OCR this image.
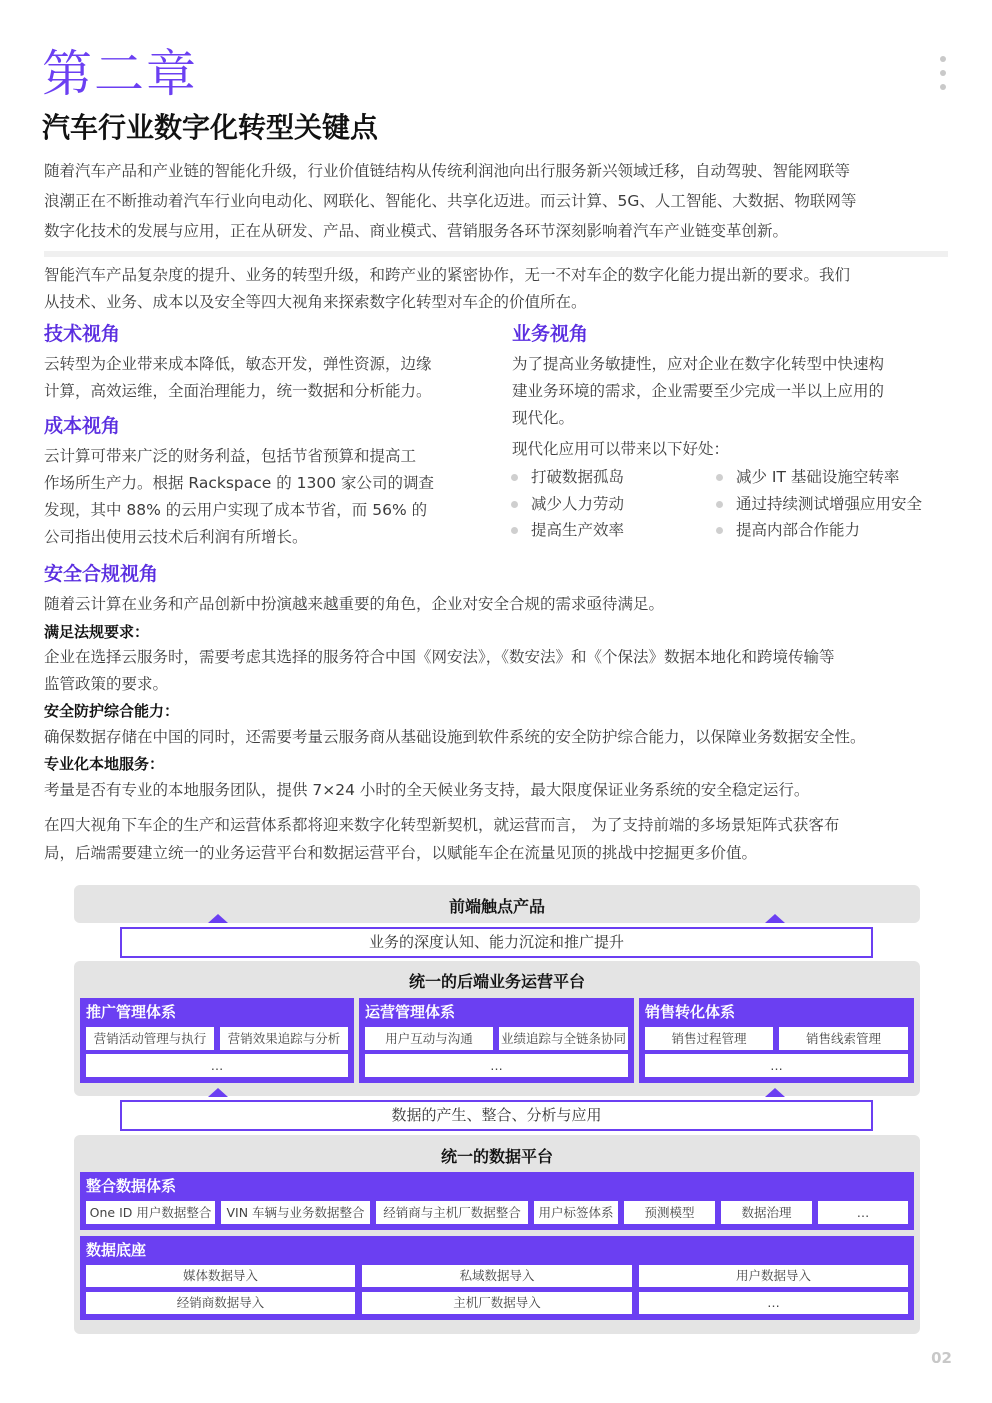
第二章
汽车行业数字化转型关键点
随着汽车产品和产业链的智能化升级，行业价值链结构从传统利润池向出行服务新兴领域迁移，自动驾驶、智能网联等
浪潮正在不断推动着汽车行业向电动化、网联化、智能化、共享化迈进。而云计算、5G、人工智能、大数据、物联网等
数字化技术的发展与应用，正在从研发、产品、商业模式、营销服务各环节深刻影响着汽车产业链变革创新。
智能汽车产品复杂度的提升、业务的转型升级，和跨产业的紧密协作，无一不对车企的数字化能力提出新的要求。我们
从技术、业务、成本以及安全等四大视角来探索数字化转型对车企的价值所在。
技术视角
云转型为企业带来成本降低，敏态开发，弹性资源，边缘
计算，高效运维，全面治理能力，统一数据和分析能力。
成本视角
云计算可带来广泛的财务利益，包括节省预算和提高工
作场所生产力。根据 Rackspace 的 1300 家公司的调查
发现，其中 88% 的云用户实现了成本节省，而 56% 的
公司指出使用云技术后利润有所增长。
业务视角
为了提高业务敏捷性，应对企业在数字化转型中快速构
建业务环境的需求，企业需要至少完成一半以上应用的
现代化。
现代化应用可以带来以下好处：
打破数据孤岛	减少 IT 基础设施空转率
减少人力劳动	通过持续测试增强应用安全
提高生产效率	提高内部合作能力
安全合规视角
随着云计算在业务和产品创新中扮演越来越重要的角色，企业对安全合规的需求亟待满足。
满足法规要求：
企业在选择云服务时，需要考虑其选择的服务符合中国《网安法》，《数安法》和《个保法》数据本地化和跨境传输等
监管政策的要求。
安全防护综合能力：
确保数据存储在中国的同时，还需要考量云服务商从基础设施到软件系统的安全防护综合能力，以保障业务数据安全性。
专业化本地服务：
考量是否有专业的本地服务团队，提供 7×24 小时的全天候业务支持，最大限度保证业务系统的安全稳定运行。
在四大视角下车企的生产和运营体系都将迎来数字化转型新契机，就运营而言， 为了支持前端的多场景矩阵式获客布
局，后端需要建立统一的业务运营平台和数据运营平台，以赋能车企在流量见顶的挑战中挖掘更多价值。
前端触点产品
业务的深度认知、能力沉淀和推广提升
统一的后端业务运营平台
推广管理体系
营销活动管理与执行	营销效果追踪与分析
…
运营管理体系
用户互动与沟通	业绩追踪与全链条协同
…
销售转化体系
销售过程管理	销售线索管理
…
数据的产生、整合、分析与应用
统一的数据平台
整合数据体系
One ID 用户数据整合	VIN 车辆与业务数据整合	经销商与主机厂数据整合	用户标签体系	预测模型	数据治理	…
数据底座
媒体数据导入	私域数据导入	用户数据导入
经销商数据导入	主机厂数据导入	…
02
